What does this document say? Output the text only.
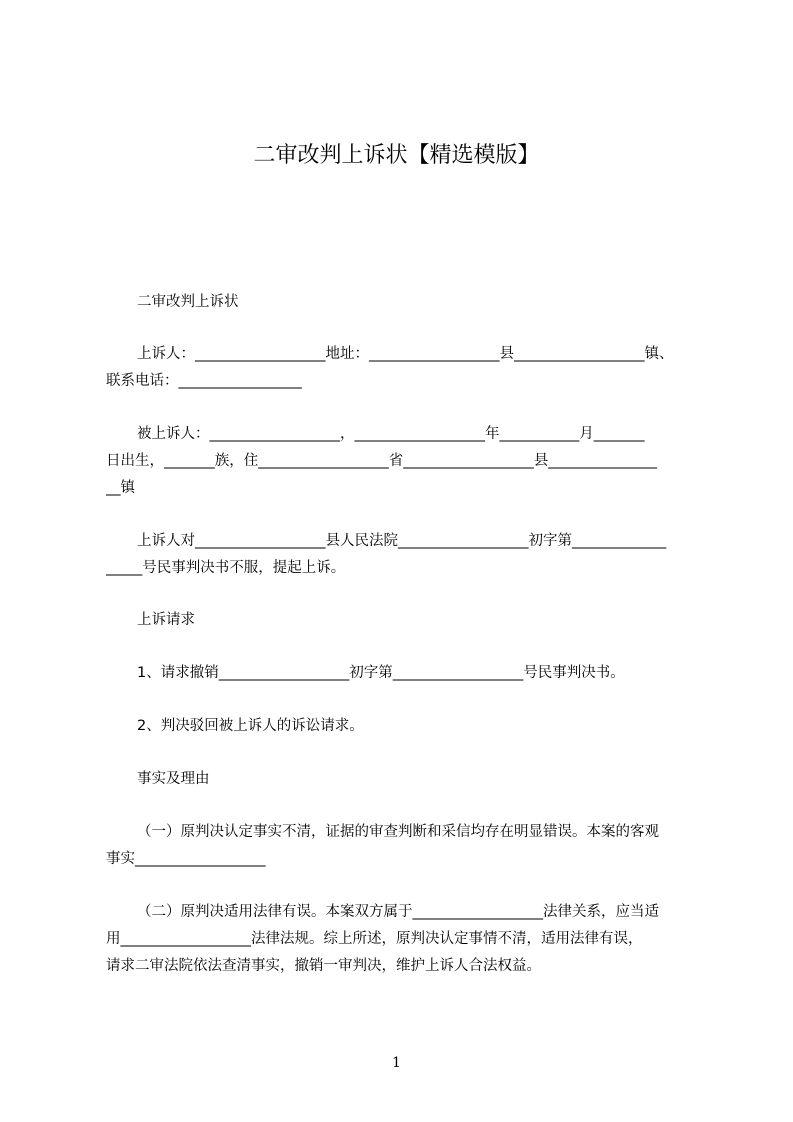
二审改判上诉状【精选模版】
二审改判上诉状
上诉人：__________________地址：__________________县__________________镇、
联系电话：_________________
被上诉人：__________________，__________________年___________月_______
日出生，_______族，住__________________省__________________县_______________
__镇
上诉人对__________________县人民法院__________________初字第_____________
_____号民事判决书不服，提起上诉。
上诉请求
1、请求撤销__________________初字第__________________号民事判决书。
2、判决驳回被上诉人的诉讼请求。
事实及理由
（一）原判决认定事实不清，证据的审查判断和采信均存在明显错误。本案的客观
事实__________________
（二）原判决适用法律有误。本案双方属于__________________法律关系，应当适
用__________________法律法规。综上所述，原判决认定事情不清，适用法律有误，
请求二审法院依法查清事实，撤销一审判决，维护上诉人合法权益。
1
